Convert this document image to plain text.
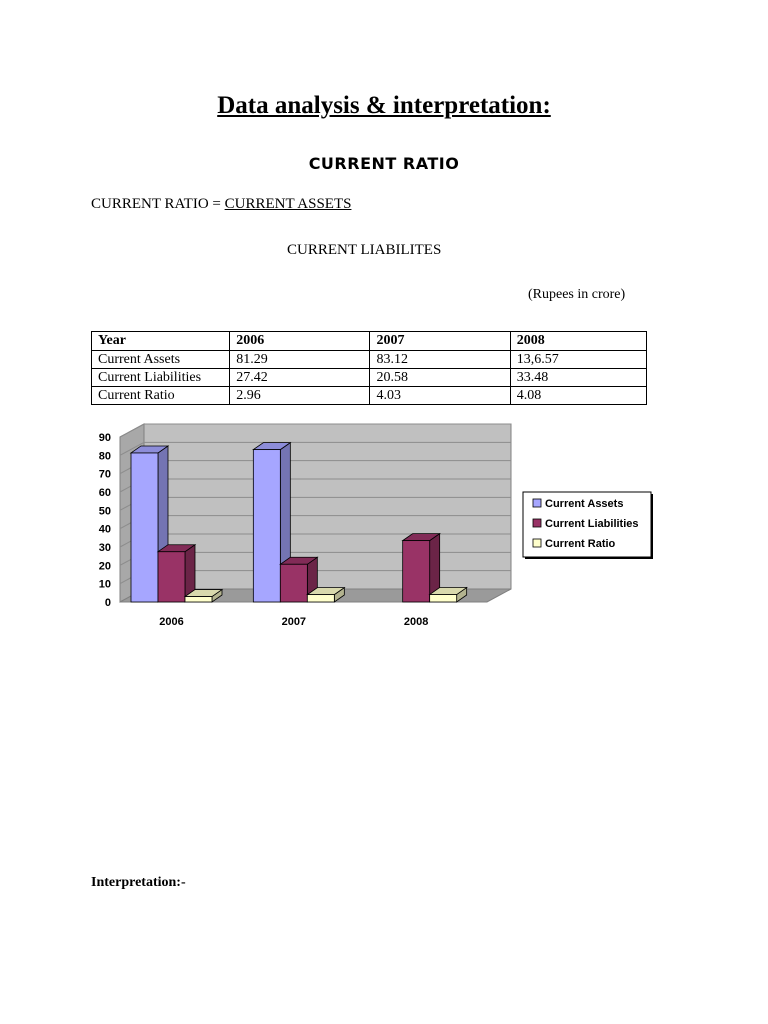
Data analysis & interpretation:
CURRENT RATIO
CURRENT RATIO = CURRENT ASSETS
CURRENT LIABILITES
(Rupees in crore)
Year	2006	2007	2008
Current Assets	81.29	83.12	13,6.57
Current Liabilities	27.42	20.58	33.48
Current Ratio	2.96	4.03	4.08
0
10
20
30
40
50
60
70
80
90
2006	2007	2008
Current Assets
Current Liabilities
Current Ratio
Interpretation:-
